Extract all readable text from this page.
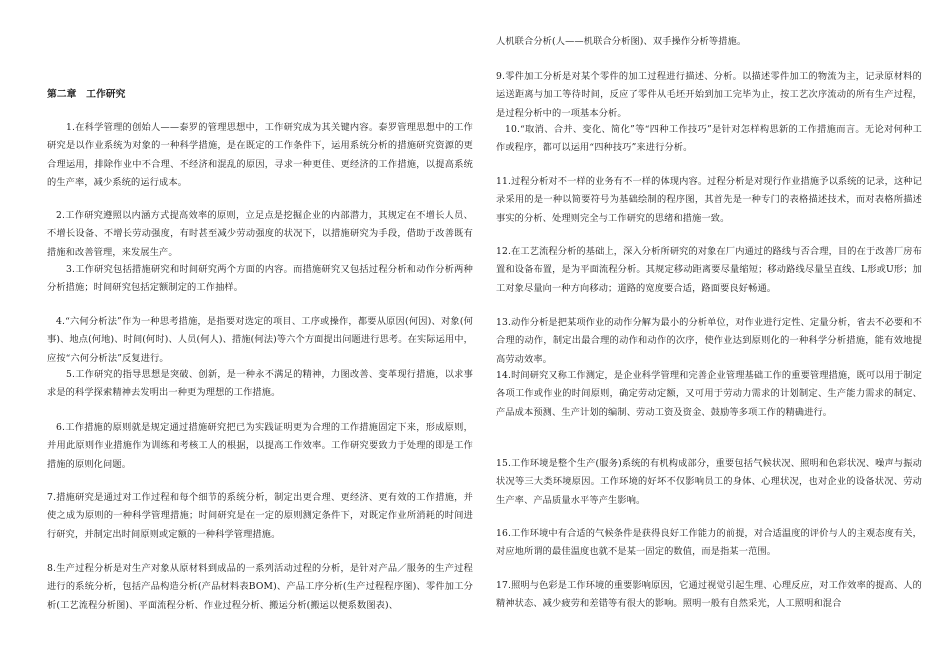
第二章　工作研究
1.在科学管理的创始人——泰罗的管理思想中，工作研究成为其关键内容。泰罗管理思想中的工作研究是以作业系统为对象的一种科学措施，是在既定的工作条件下，运用系统分析的措施研究资源的更合理运用，排除作业中不合理、不经济和混乱的原因，寻求一种更佳、更经济的工作措施，以提高系统的生产率，减少系统的运行成本。
2.工作研究遵照以内涵方式提高效率的原则，立足点是挖掘企业的内部潜力，其规定在不增长人员、不增长设备、不增长劳动强度，有时甚至减少劳动强度的状况下，以措施研究为手段，借助于改善既有措施和改善管理，来发展生产。
3.工作研究包括措施研究和时间研究两个方面的内容。而措施研究又包括过程分析和动作分析两种分析措施；时间研究包括定额制定的工作抽样。
4.“六何分析法”作为一种思考措施，是指要对选定的项目、工序或操作，都要从原因(何因)、对象(何事)、地点(何地)、时间(何时)、人员(何人)、措施(何法)等六个方面提出问题进行思考。在实际运用中，应按“六何分析法”反复进行。
5.工作研究的指导思想是突破、创新，是一种永不满足的精神，力图改善、变革现行措施，以求事求是的科学探索精神去发明出一种更为理想的工作措施。
6.工作措施的原则就是规定通过措施研究把已为实践证明更为合理的工作措施固定下来，形成原则，并用此原则作业措施作为训练和考核工人的根据，以提高工作效率。工作研究要致力于处理的即是工作措施的原则化问题。
7.措施研究是通过对工作过程和每个细节的系统分析，制定出更合理、更经济、更有效的工作措施，并使之成为原则的一种科学管理措施；时间研究是在一定的原则测定条件下，对既定作业所消耗的时间进行研究，并制定出时间原则或定额的一种科学管理措施。
8.生产过程分析是对生产对象从原材料到成品的一系列活动过程的分析，是针对产品／服务的生产过程进行的系统分析，包括产品构造分析(产品材料表BOM)、产品工序分析(生产过程程序图)、零件加工分析(工艺流程分析图)、平面流程分析、作业过程分析、搬运分析(搬运以便系数图表)、
人机联合分析(人——机联合分析图)、双手操作分析等措施。
9.零件加工分析是对某个零件的加工过程进行描述、分析。以描述零件加工的物流为主，记录原材料的运送距离与加工等待时间，反应了零件从毛坯开始到加工完毕为止，按工艺次序流动的所有生产过程，是过程分析中的一项基本分析。
10.“取消、合并、变化、简化”等“四种工作技巧”是针对怎样构思新的工作措施而言。无论对何种工作或程序，都可以运用“四种技巧”来进行分析。
11.过程分析对不一样的业务有不一样的体现内容。过程分析是对现行作业措施予以系统的记录，这种记录采用的是一种以简要符号为基础绘制的程序图，其首先是一种专门的表格描述技术，而对表格所描述事实的分析、处理则完全与工作研究的思绪和措施一致。
12.在工艺流程分析的基础上，深入分析所研究的对象在厂内通过的路线与否合理，目的在于改善厂房布置和设备布置，是为平面流程分析。其规定移动距离要尽量缩短；移动路线尽量呈直线、L形或U形；加工对象尽量向一种方向移动；道路的宽度要合适，路面要良好畅通。
13.动作分析是把某项作业的动作分解为最小的分析单位，对作业进行定性、定量分析，省去不必要和不合理的动作，制定出最合理的动作和动作的次序，使作业达到原则化的一种科学分析措施，能有效地提高劳动效率。
14.时间研究又称工作测定，是企业科学管理和完善企业管理基础工作的重要管理措施，既可以用于制定各项工作或作业的时间原则，确定劳动定额，又可用于劳动力需求的计划制定、生产能力需求的制定、产品成本预测、生产计划的编制、劳动工资及资金、鼓励等多项工作的精确进行。
15.工作环境是整个生产(服务)系统的有机构成部分，重要包括气候状况、照明和色彩状况、噪声与振动状况等三大类环境原因。工作环境的好坏不仅影响员工的身体、心理状况，也对企业的设备状况、劳动生产率、产品质量水平等产生影响。
16.工作环境中有合适的气候条件是获得良好工作能力的前提，对合适温度的评价与人的主观态度有关，对应地所谓的最佳温度也就不是某一固定的数值，而是指某一范围。
17.照明与色彩是工作环境的重要影响原因，它通过视觉引起生理、心理反应，对工作效率的提高、人的精神状态、减少疲劳和差错等有很大的影响。照明一般有自然采光，人工照明和混合
